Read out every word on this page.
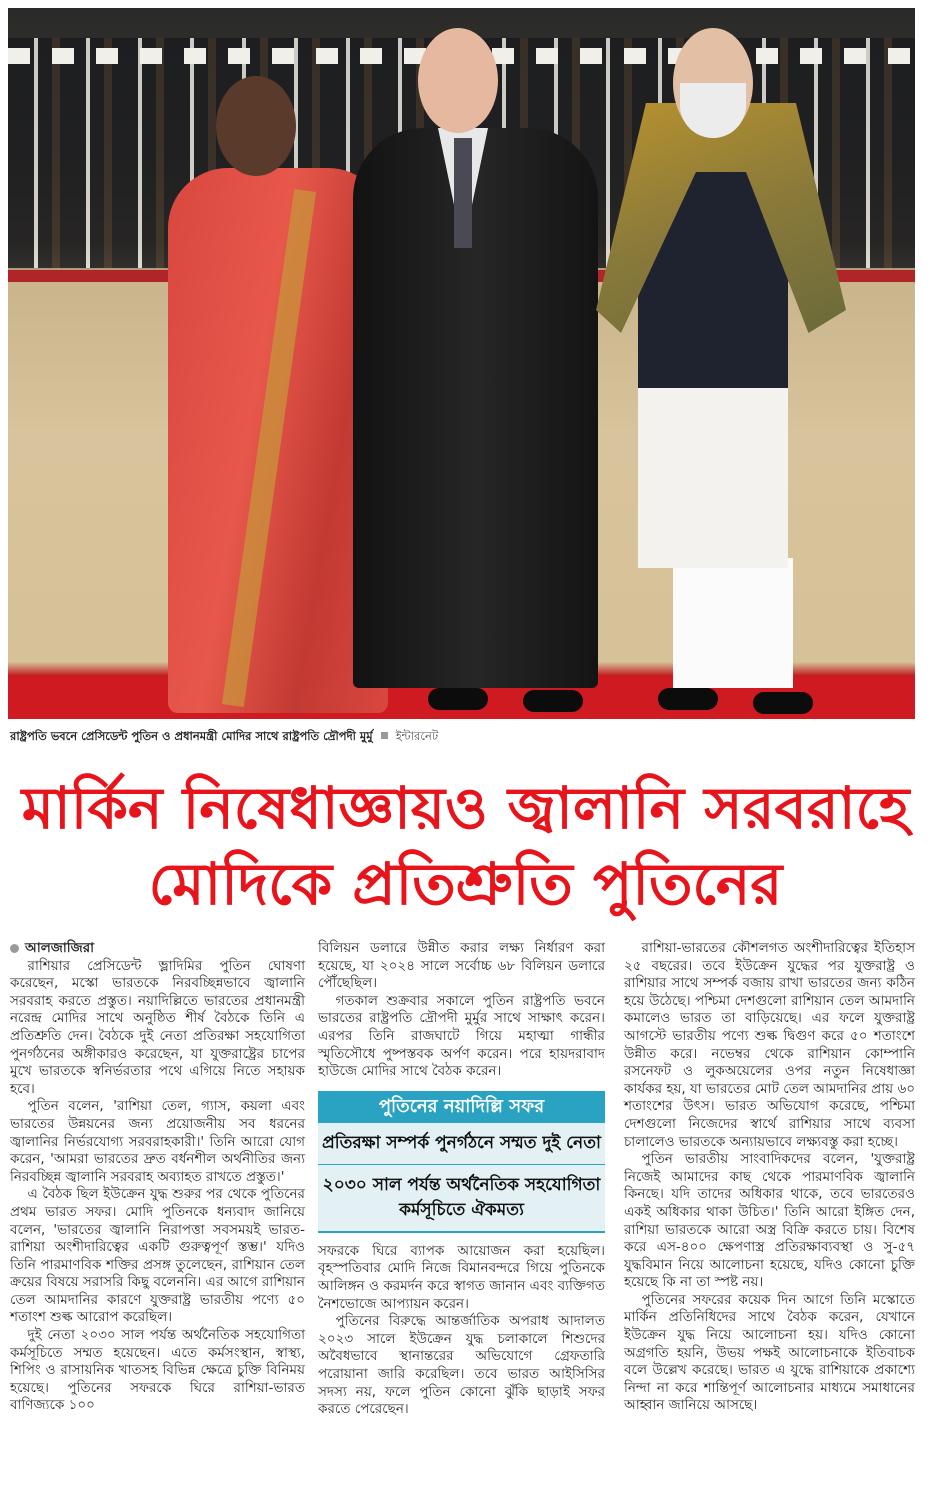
রাষ্ট্রপতি ভবনে প্রেসিডেন্ট পুতিন ও প্রধানমন্ত্রী মোদির সাথে রাষ্ট্রপতি দ্রৌপদী মুর্মু ইন্টারনেট
মার্কিন নিষেধাজ্ঞায়ও জ্বালানি সরবরাহে
মোদিকে প্রতিশ্রুতি পুতিনের
আলজাজিরা

রাশিয়ার প্রেসিডেন্ট ভ্লাদিমির পুতিন ঘোষণা করেছেন, মস্কো ভারতকে নিরবচ্ছিন্নভাবে জ্বালানি সরবরাহ করতে প্রস্তুত। নয়াদিল্লিতে ভারতের প্রধানমন্ত্রী নরেন্দ্র মোদির সাথে অনুষ্ঠিত শীর্ষ বৈঠকে তিনি এ প্রতিশ্রুতি দেন। বৈঠকে দুই নেতা প্রতিরক্ষা সহযোগিতা পুনর্গঠনের অঙ্গীকারও করেছেন, যা যুক্তরাষ্ট্রের চাপের মুখে ভারতকে স্বনির্ভরতার পথে এগিয়ে নিতে সহায়ক হবে।

পুতিন বলেন, 'রাশিয়া তেল, গ্যাস, কয়লা এবং ভারতের উন্নয়নের জন্য প্রয়োজনীয় সব ধরনের জ্বালানির নির্ভরযোগ্য সরবরাহকারী।' তিনি আরো যোগ করেন, 'আমরা ভারতের দ্রুত বর্ধনশীল অর্থনীতির জন্য নিরবচ্ছিন্ন জ্বালানি সরবরাহ অব্যাহত রাখতে প্রস্তুত।'

এ বৈঠক ছিল ইউক্রেন যুদ্ধ শুরুর পর থেকে পুতিনের প্রথম ভারত সফর। মোদি পুতিনকে ধন্যবাদ জানিয়ে বলেন, 'ভারতের জ্বালানি নিরাপত্তা সবসময়ই ভারত-রাশিয়া অংশীদারিত্বের একটি গুরুত্বপূর্ণ স্তম্ভ।' যদিও তিনি পারমাণবিক শক্তির প্রসঙ্গ তুলেছেন, রাশিয়ান তেল ক্রয়ের বিষয়ে সরাসরি কিছু বলেননি। এর আগে রাশিয়ান তেল আমদানির কারণে যুক্তরাষ্ট্র ভারতীয় পণ্যে ৫০ শতাংশ শুল্ক আরোপ করেছিল।

দুই নেতা ২০৩০ সাল পর্যন্ত অর্থনৈতিক সহযোগিতা কর্মসূচিতে সম্মত হয়েছেন। এতে কর্মসংস্থান, স্বাস্থ্য, শিপিং ও রাসায়নিক খাতসহ বিভিন্ন ক্ষেত্রে চুক্তি বিনিময় হয়েছে। পুতিনের সফরকে ঘিরে রাশিয়া-ভারত বাণিজ্যকে ১০০

বিলিয়ন ডলারে উন্নীত করার লক্ষ্য নির্ধারণ করা হয়েছে, যা ২০২৪ সালে সর্বোচ্চ ৬৮ বিলিয়ন ডলারে পৌঁছেছিল।

গতকাল শুক্রবার সকালে পুতিন রাষ্ট্রপতি ভবনে ভারতের রাষ্ট্রপতি দ্রৌপদী মুর্মুর সাথে সাক্ষাৎ করেন। এরপর তিনি রাজঘাটে গিয়ে মহাত্মা গান্ধীর স্মৃতিসৌধে পুষ্পস্তবক অর্পণ করেন। পরে হায়দরাবাদ হাউজে মোদির সাথে বৈঠক করেন।

পুতিনের নয়াদিল্লি সফর
প্রতিরক্ষা সম্পর্ক পুনর্গঠনে সম্মত দুই নেতা
২০৩০ সাল পর্যন্ত অর্থনৈতিক সহযোগিতা কর্মসূচিতে ঐকমত্য

সফরকে ঘিরে ব্যাপক আয়োজন করা হয়েছিল। বৃহস্পতিবার মোদি নিজে বিমানবন্দরে গিয়ে পুতিনকে আলিঙ্গন ও করমর্দন করে স্বাগত জানান এবং ব্যক্তিগত নৈশভোজে আপ্যায়ন করেন।

পুতিনের বিরুদ্ধে আন্তর্জাতিক অপরাধ আদালত ২০২৩ সালে ইউক্রেন যুদ্ধ চলাকালে শিশুদের অবৈধভাবে স্থানান্তরের অভিযোগে গ্রেফতারি পরোয়ানা জারি করেছিল। তবে ভারত আইসিসির সদস্য নয়, ফলে পুতিন কোনো ঝুঁকি ছাড়াই সফর করতে পেরেছেন।

রাশিয়া-ভারতের কৌশলগত অংশীদারিত্বের ইতিহাস ২৫ বছরের। তবে ইউক্রেন যুদ্ধের পর যুক্তরাষ্ট্র ও রাশিয়ার সাথে সম্পর্ক বজায় রাখা ভারতের জন্য কঠিন হয়ে উঠেছে। পশ্চিমা দেশগুলো রাশিয়ান তেল আমদানি কমালেও ভারত তা বাড়িয়েছে। এর ফলে যুক্তরাষ্ট্র আগস্টে ভারতীয় পণ্যে শুল্ক দ্বিগুণ করে ৫০ শতাংশে উন্নীত করে। নভেম্বর থেকে রাশিয়ান কোম্পানি রসনেফট ও লুকঅয়েলের ওপর নতুন নিষেধাজ্ঞা কার্যকর হয়, যা ভারতের মোট তেল আমদানির প্রায় ৬০ শতাংশের উৎস। ভারত অভিযোগ করেছে, পশ্চিমা দেশগুলো নিজেদের স্বার্থে রাশিয়ার সাথে ব্যবসা চালালেও ভারতকে অন্যায়ভাবে লক্ষ্যবস্তু করা হচ্ছে।

পুতিন ভারতীয় সাংবাদিকদের বলেন, 'যুক্তরাষ্ট্র নিজেই আমাদের কাছ থেকে পারমাণবিক জ্বালানি কিনছে। যদি তাদের অধিকার থাকে, তবে ভারতেরও একই অধিকার থাকা উচিত।' তিনি আরো ইঙ্গিত দেন, রাশিয়া ভারতকে আরো অস্ত্র বিক্রি করতে চায়। বিশেষ করে এস-৪০০ ক্ষেপণাস্ত্র প্রতিরক্ষাব্যবস্থা ও সু-৫৭ যুদ্ধবিমান নিয়ে আলোচনা হয়েছে, যদিও কোনো চুক্তি হয়েছে কি না তা স্পষ্ট নয়।

পুতিনের সফরের কয়েক দিন আগে তিনি মস্কোতে মার্কিন প্রতিনিধিদের সাথে বৈঠক করেন, যেখানে ইউক্রেন যুদ্ধ নিয়ে আলোচনা হয়। যদিও কোনো অগ্রগতি হয়নি, উভয় পক্ষই আলোচনাকে ইতিবাচক বলে উল্লেখ করেছে। ভারত এ যুদ্ধে রাশিয়াকে প্রকাশ্যে নিন্দা না করে শান্তিপূর্ণ আলোচনার মাধ্যমে সমাধানের আহ্বান জানিয়ে আসছে।
